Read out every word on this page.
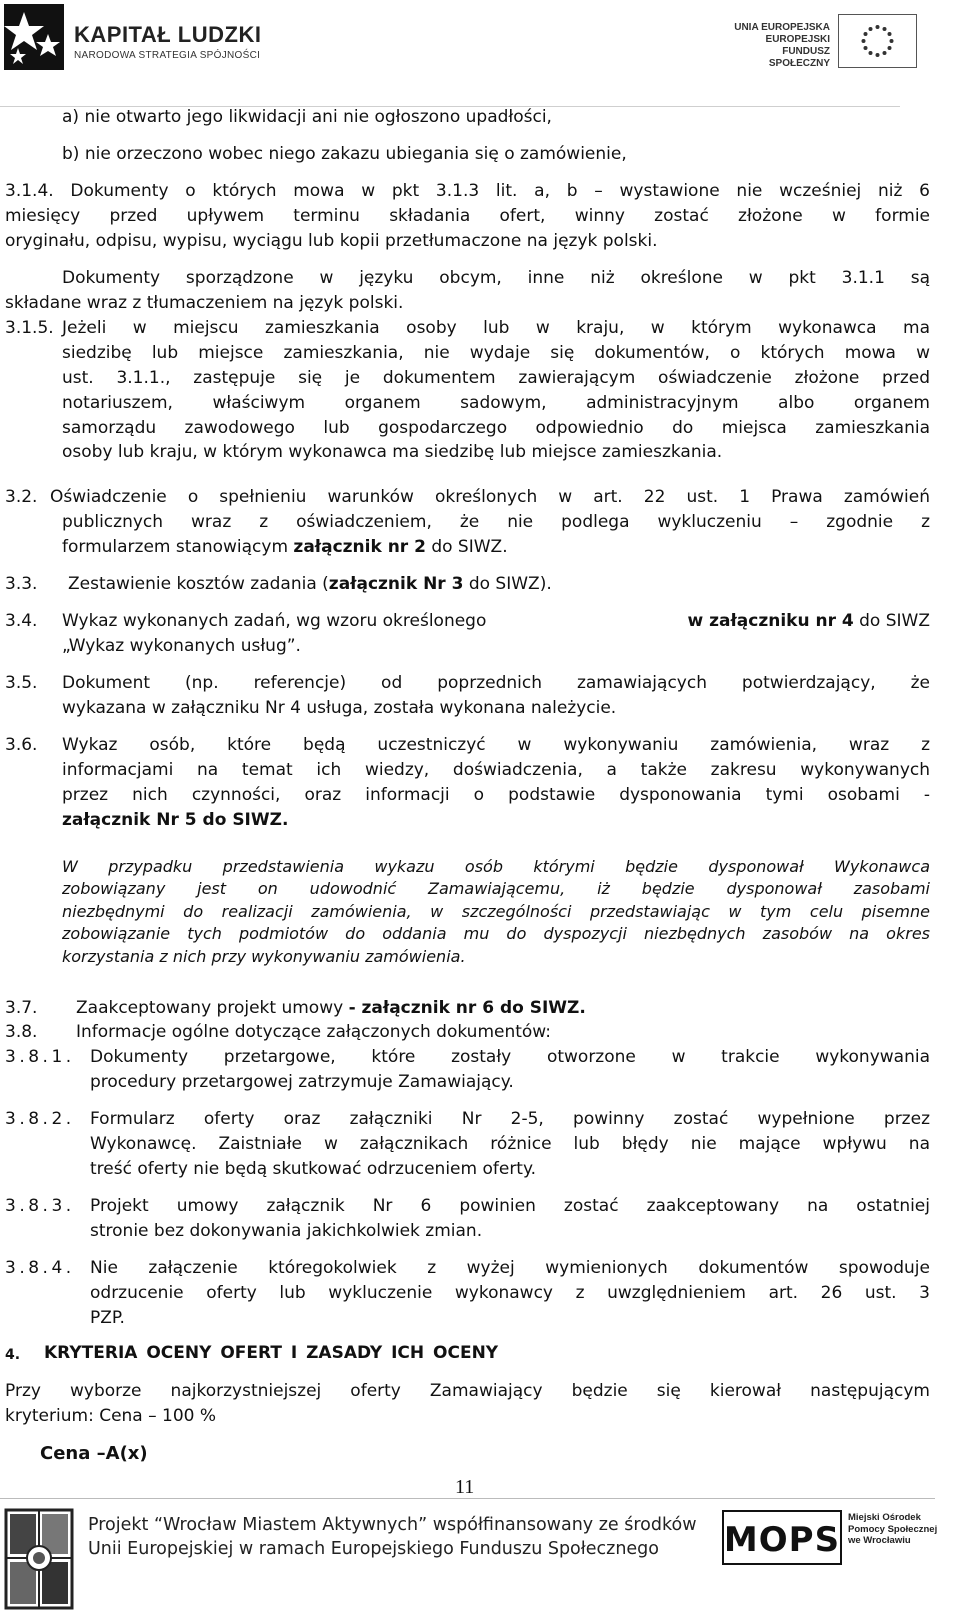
KAPITAŁ LUDZKI
NARODOWA STRATEGIA SPÓJNOŚCI
UNIA EUROPEJSKA
EUROPEJSKI
FUNDUSZ SPOŁECZNY
a) nie otwarto jego likwidacji ani nie ogłoszono upadłości,
b) nie orzeczono wobec niego zakazu ubiegania się o zamówienie,
3.1.4. Dokumenty o których mowa w pkt 3.1.3 lit. a, b – wystawione nie wcześniej niż 6
miesięcy przed upływem terminu składania ofert, winny zostać złożone w formie
oryginału, odpisu, wypisu, wyciągu lub kopii przetłumaczone na język polski.
Dokumenty sporządzone w języku obcym, inne niż określone w pkt 3.1.1 są
składane wraz z tłumaczeniem na język polski.
3.1.5. Jeżeli w miejscu zamieszkania osoby lub w kraju, w którym wykonawca ma
siedzibę lub miejsce zamieszkania, nie wydaje się dokumentów, o których mowa w
ust. 3.1.1., zastępuje się je dokumentem zawierającym oświadczenie złożone przed
notariuszem, właściwym organem sadowym, administracyjnym albo organem
samorządu zawodowego lub gospodarczego odpowiednio do miejsca zamieszkania
osoby lub kraju, w którym wykonawca ma siedzibę lub miejsce zamieszkania.
3.2. Oświadczenie o spełnieniu warunków określonych w art. 22 ust. 1 Prawa zamówień
publicznych wraz z oświadczeniem, że nie podlega wykluczeniu – zgodnie z
formularzem stanowiącym załącznik nr 2 do SIWZ.
3.3. Zestawienie kosztów zadania (załącznik Nr 3 do SIWZ).
3.4. Wykaz wykonanych zadań, wg wzoru określonego	w załączniku nr 4 do SIWZ
„Wykaz wykonanych usług”.
3.5. Dokument (np. referencje) od poprzednich zamawiających potwierdzający, że
wykazana w załączniku Nr 4 usługa, została wykonana należycie.
3.6. Wykaz osób, które będą uczestniczyć w wykonywaniu zamówienia, wraz z
informacjami na temat ich wiedzy, doświadczenia, a także zakresu wykonywanych
przez nich czynności, oraz informacji o podstawie dysponowania tymi osobami -
załącznik Nr 5 do SIWZ.
W przypadku przedstawienia wykazu osób którymi będzie dysponował Wykonawca
zobowiązany jest on udowodnić Zamawiającemu, iż będzie dysponował zasobami
niezbędnymi do realizacji zamówienia, w szczególności przedstawiając w tym celu pisemne
zobowiązanie tych podmiotów do oddania mu do dyspozycji niezbędnych zasobów na okres
korzystania z nich przy wykonywaniu zamówienia.
3.7. Zaakceptowany projekt umowy - załącznik nr 6 do SIWZ.
3.8. Informacje ogólne dotyczące załączonych dokumentów:
3.8.1. Dokumenty przetargowe, które zostały otworzone w trakcie wykonywania
procedury przetargowej zatrzymuje Zamawiający.
3.8.2. Formularz oferty oraz załączniki Nr 2-5, powinny zostać wypełnione przez
Wykonawcę. Zaistniałe w załącznikach różnice lub błędy nie mające wpływu na
treść oferty nie będą skutkować odrzuceniem oferty.
3.8.3. Projekt umowy załącznik Nr 6 powinien zostać zaakceptowany na ostatniej
stronie bez dokonywania jakichkolwiek zmian.
3.8.4. Nie załączenie któregokolwiek z wyżej wymienionych dokumentów spowoduje
odrzucenie oferty lub wykluczenie wykonawcy z uwzględnieniem art. 26 ust. 3
PZP.
4. KRYTERIA OCENY OFERT I ZASADY ICH OCENY
Przy wyborze najkorzystniejszej oferty Zamawiający będzie się kierował następującym
kryterium: Cena – 100 %
Cena –A(x)
11
Projekt “Wrocław Miastem Aktywnych” współfinansowany ze środków
Unii Europejskiej w ramach Europejskiego Funduszu Społecznego MOPS
Miejski Ośrodek
Pomocy Społecznej
we Wrocławiu
